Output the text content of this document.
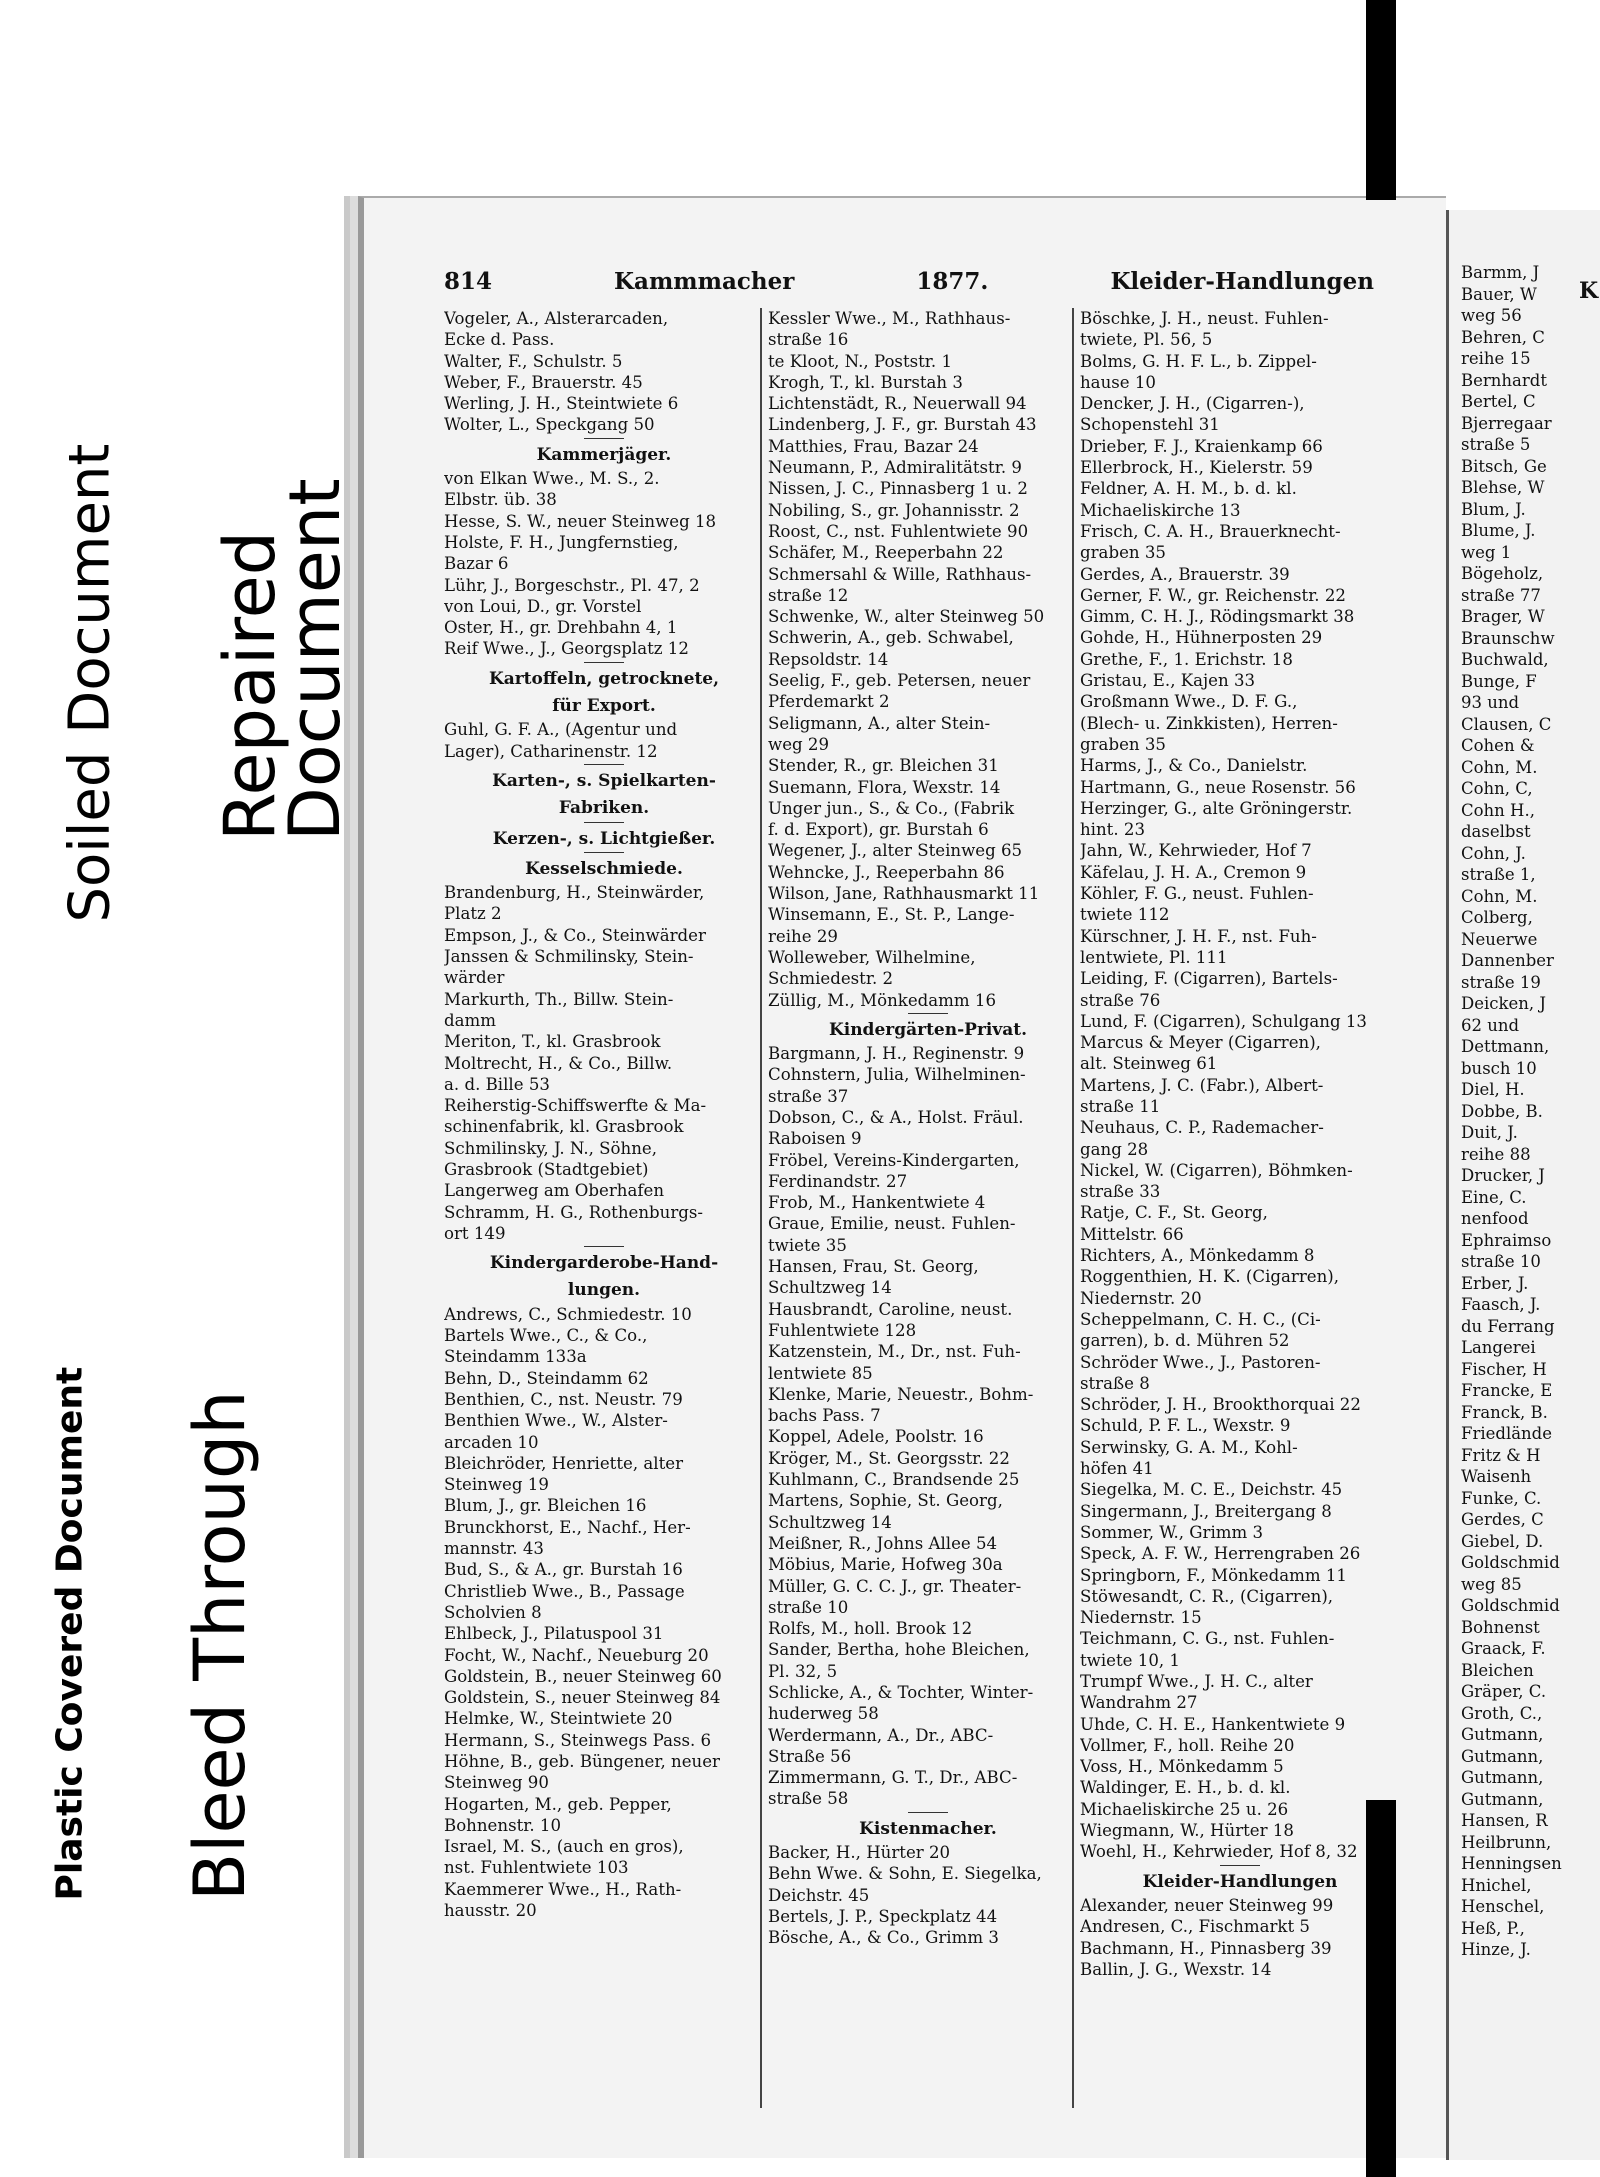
Soiled Document Repaired
Document
Plastic Covered Document Bleed Through
814	Kammmacher	1877.	Kleider-Handlungen
Vogeler, A., Alsterarcaden,
Ecke d. Pass.
Walter, F., Schulstr. 5
Weber, F., Brauerstr. 45
Werling, J. H., Steintwiete 6
Wolter, L., Speckgang 50
Kammerjäger.
von Elkan Wwe., M. S., 2.
Elbstr. üb. 38
Hesse, S. W., neuer Steinweg 18
Holste, F. H., Jungfernstieg,
Bazar 6
Lühr, J., Borgeschstr., Pl. 47, 2
von Loui, D., gr. Vorstel
Oster, H., gr. Drehbahn 4, 1
Reif Wwe., J., Georgsplatz 12
Kartoffeln, getrocknete,
für Export.
Guhl, G. F. A., (Agentur und
Lager), Catharinenstr. 12
Karten-, s. Spielkarten-
Fabriken.
Kerzen-, s. Lichtgießer.
Kesselschmiede.
Brandenburg, H., Steinwärder,
Platz 2
Empson, J., & Co., Steinwärder
Janssen & Schmilinsky, Stein-
wärder
Markurth, Th., Billw. Stein-
damm
Meriton, T., kl. Grasbrook
Moltrecht, H., & Co., Billw.
a. d. Bille 53
Reiherstig-Schiffswerfte & Ma-
schinenfabrik, kl. Grasbrook
Schmilinsky, J. N., Söhne,
Grasbrook (Stadtgebiet)
Langerweg am Oberhafen
Schramm, H. G., Rothenburgs-
ort 149
Kindergarderobe-Hand-
lungen.
Andrews, C., Schmiedestr. 10
Bartels Wwe., C., & Co.,
Steindamm 133a
Behn, D., Steindamm 62
Benthien, C., nst. Neustr. 79
Benthien Wwe., W., Alster-
arcaden 10
Bleichröder, Henriette, alter
Steinweg 19
Blum, J., gr. Bleichen 16
Brunckhorst, E., Nachf., Her-
mannstr. 43
Bud, S., & A., gr. Burstah 16
Christlieb Wwe., B., Passage
Scholvien 8
Ehlbeck, J., Pilatuspool 31
Focht, W., Nachf., Neueburg 20
Goldstein, B., neuer Steinweg 60
Goldstein, S., neuer Steinweg 84
Helmke, W., Steintwiete 20
Hermann, S., Steinwegs Pass. 6
Höhne, B., geb. Büngener, neuer
Steinweg 90
Hogarten, M., geb. Pepper,
Bohnenstr. 10
Israel, M. S., (auch en gros),
nst. Fuhlentwiete 103
Kaemmerer Wwe., H., Rath-
hausstr. 20
Kessler Wwe., M., Rathhaus-
straße 16
te Kloot, N., Poststr. 1
Krogh, T., kl. Burstah 3
Lichtenstädt, R., Neuerwall 94
Lindenberg, J. F., gr. Burstah 43
Matthies, Frau, Bazar 24
Neumann, P., Admiralitätstr. 9
Nissen, J. C., Pinnasberg 1 u. 2
Nobiling, S., gr. Johannisstr. 2
Roost, C., nst. Fuhlentwiete 90
Schäfer, M., Reeperbahn 22
Schmersahl & Wille, Rathhaus-
straße 12
Schwenke, W., alter Steinweg 50
Schwerin, A., geb. Schwabel,
Repsoldstr. 14
Seelig, F., geb. Petersen, neuer
Pferdemarkt 2
Seligmann, A., alter Stein-
weg 29
Stender, R., gr. Bleichen 31
Suemann, Flora, Wexstr. 14
Unger jun., S., & Co., (Fabrik
f. d. Export), gr. Burstah 6
Wegener, J., alter Steinweg 65
Wehncke, J., Reeperbahn 86
Wilson, Jane, Rathhausmarkt 11
Winsemann, E., St. P., Lange-
reihe 29
Wolleweber, Wilhelmine,
Schmiedestr. 2
Züllig, M., Mönkedamm 16
Kindergärten-Privat.
Bargmann, J. H., Reginenstr. 9
Cohnstern, Julia, Wilhelminen-
straße 37
Dobson, C., & A., Holst. Fräul.
Raboisen 9
Fröbel, Vereins-Kindergarten,
Ferdinandstr. 27
Frob, M., Hankentwiete 4
Graue, Emilie, neust. Fuhlen-
twiete 35
Hansen, Frau, St. Georg,
Schultzweg 14
Hausbrandt, Caroline, neust.
Fuhlentwiete 128
Katzenstein, M., Dr., nst. Fuh-
lentwiete 85
Klenke, Marie, Neuestr., Bohm-
bachs Pass. 7
Koppel, Adele, Poolstr. 16
Kröger, M., St. Georgsstr. 22
Kuhlmann, C., Brandsende 25
Martens, Sophie, St. Georg,
Schultzweg 14
Meißner, R., Johns Allee 54
Möbius, Marie, Hofweg 30a
Müller, G. C. C. J., gr. Theater-
straße 10
Rolfs, M., holl. Brook 12
Sander, Bertha, hohe Bleichen,
Pl. 32, 5
Schlicke, A., & Tochter, Winter-
huderweg 58
Werdermann, A., Dr., ABC-
Straße 56
Zimmermann, G. T., Dr., ABC-
straße 58
Kistenmacher.
Backer, H., Hürter 20
Behn Wwe. & Sohn, E. Siegelka,
Deichstr. 45
Bertels, J. P., Speckplatz 44
Bösche, A., & Co., Grimm 3
Böschke, J. H., neust. Fuhlen-
twiete, Pl. 56, 5
Bolms, G. H. F. L., b. Zippel-
hause 10
Dencker, J. H., (Cigarren-),
Schopenstehl 31
Drieber, F. J., Kraienkamp 66
Ellerbrock, H., Kielerstr. 59
Feldner, A. H. M., b. d. kl.
Michaeliskirche 13
Frisch, C. A. H., Brauerknecht-
graben 35
Gerdes, A., Brauerstr. 39
Gerner, F. W., gr. Reichenstr. 22
Gimm, C. H. J., Rödingsmarkt 38
Gohde, H., Hühnerposten 29
Grethe, F., 1. Erichstr. 18
Gristau, E., Kajen 33
Großmann Wwe., D. F. G.,
(Blech- u. Zinkkisten), Herren-
graben 35
Harms, J., & Co., Danielstr.
Hartmann, G., neue Rosenstr. 56
Herzinger, G., alte Gröningerstr.
hint. 23
Jahn, W., Kehrwieder, Hof 7
Käfelau, J. H. A., Cremon 9
Köhler, F. G., neust. Fuhlen-
twiete 112
Kürschner, J. H. F., nst. Fuh-
lentwiete, Pl. 111
Leiding, F. (Cigarren), Bartels-
straße 76
Lund, F. (Cigarren), Schulgang 13
Marcus & Meyer (Cigarren),
alt. Steinweg 61
Martens, J. C. (Fabr.), Albert-
straße 11
Neuhaus, C. P., Rademacher-
gang 28
Nickel, W. (Cigarren), Böhmken-
straße 33
Ratje, C. F., St. Georg,
Mittelstr. 66
Richters, A., Mönkedamm 8
Roggenthien, H. K. (Cigarren),
Niedernstr. 20
Scheppelmann, C. H. C., (Ci-
garren), b. d. Mühren 52
Schröder Wwe., J., Pastoren-
straße 8
Schröder, J. H., Brookthorquai 22
Schuld, P. F. L., Wexstr. 9
Serwinsky, G. A. M., Kohl-
höfen 41
Siegelka, M. C. E., Deichstr. 45
Singermann, J., Breitergang 8
Sommer, W., Grimm 3
Speck, A. F. W., Herrengraben 26
Springborn, F., Mönkedamm 11
Stöwesandt, C. R., (Cigarren),
Niedernstr. 15
Teichmann, C. G., nst. Fuhlen-
twiete 10, 1
Trumpf Wwe., J. H. C., alter
Wandrahm 27
Uhde, C. H. E., Hankentwiete 9
Vollmer, F., holl. Reihe 20
Voss, H., Mönkedamm 5
Waldinger, E. H., b. d. kl.
Michaeliskirche 25 u. 26
Wiegmann, W., Hürter 18
Woehl, H., Kehrwieder, Hof 8, 32
Kleider-Handlungen
Alexander, neuer Steinweg 99
Andresen, C., Fischmarkt 5
Bachmann, H., Pinnasberg 39
Ballin, J. G., Wexstr. 14
K
Barmm, J
Bauer, W
weg 56
Behren, C
reihe 15
Bernhardt
Bertel, C
Bjerregaar
straße 5
Bitsch, Ge
Blehse, W
Blum, J.
Blume, J.
weg 1
Bögeholz,
straße 77
Brager, W
Braunschw
Buchwald,
Bunge, F
93 und
Clausen, C
Cohen &
Cohn, M.
Cohn, C,
Cohn H.,
daselbst
Cohn, J.
straße 1,
Cohn, M.
Colberg,
Neuerwe
Dannenber
straße 19
Deicken, J
62 und
Dettmann,
busch 10
Diel, H.
Dobbe, B.
Duit, J.
reihe 88
Drucker, J
Eine, C.
nenfood
Ephraimso
straße 10
Erber, J.
Faasch, J.
du Ferrang
Langerei
Fischer, H
Francke, E
Franck, B.
Friedlände
Fritz & H
Waisenh
Funke, C.
Gerdes, C
Giebel, D.
Goldschmid
weg 85
Goldschmid
Bohnenst
Graack, F.
Bleichen
Gräper, C.
Groth, C.,
Gutmann,
Gutmann,
Gutmann,
Gutmann,
Hansen, R
Heilbrunn,
Henningsen
Hnichel,
Henschel,
Heß, P.,
Hinze, J.
